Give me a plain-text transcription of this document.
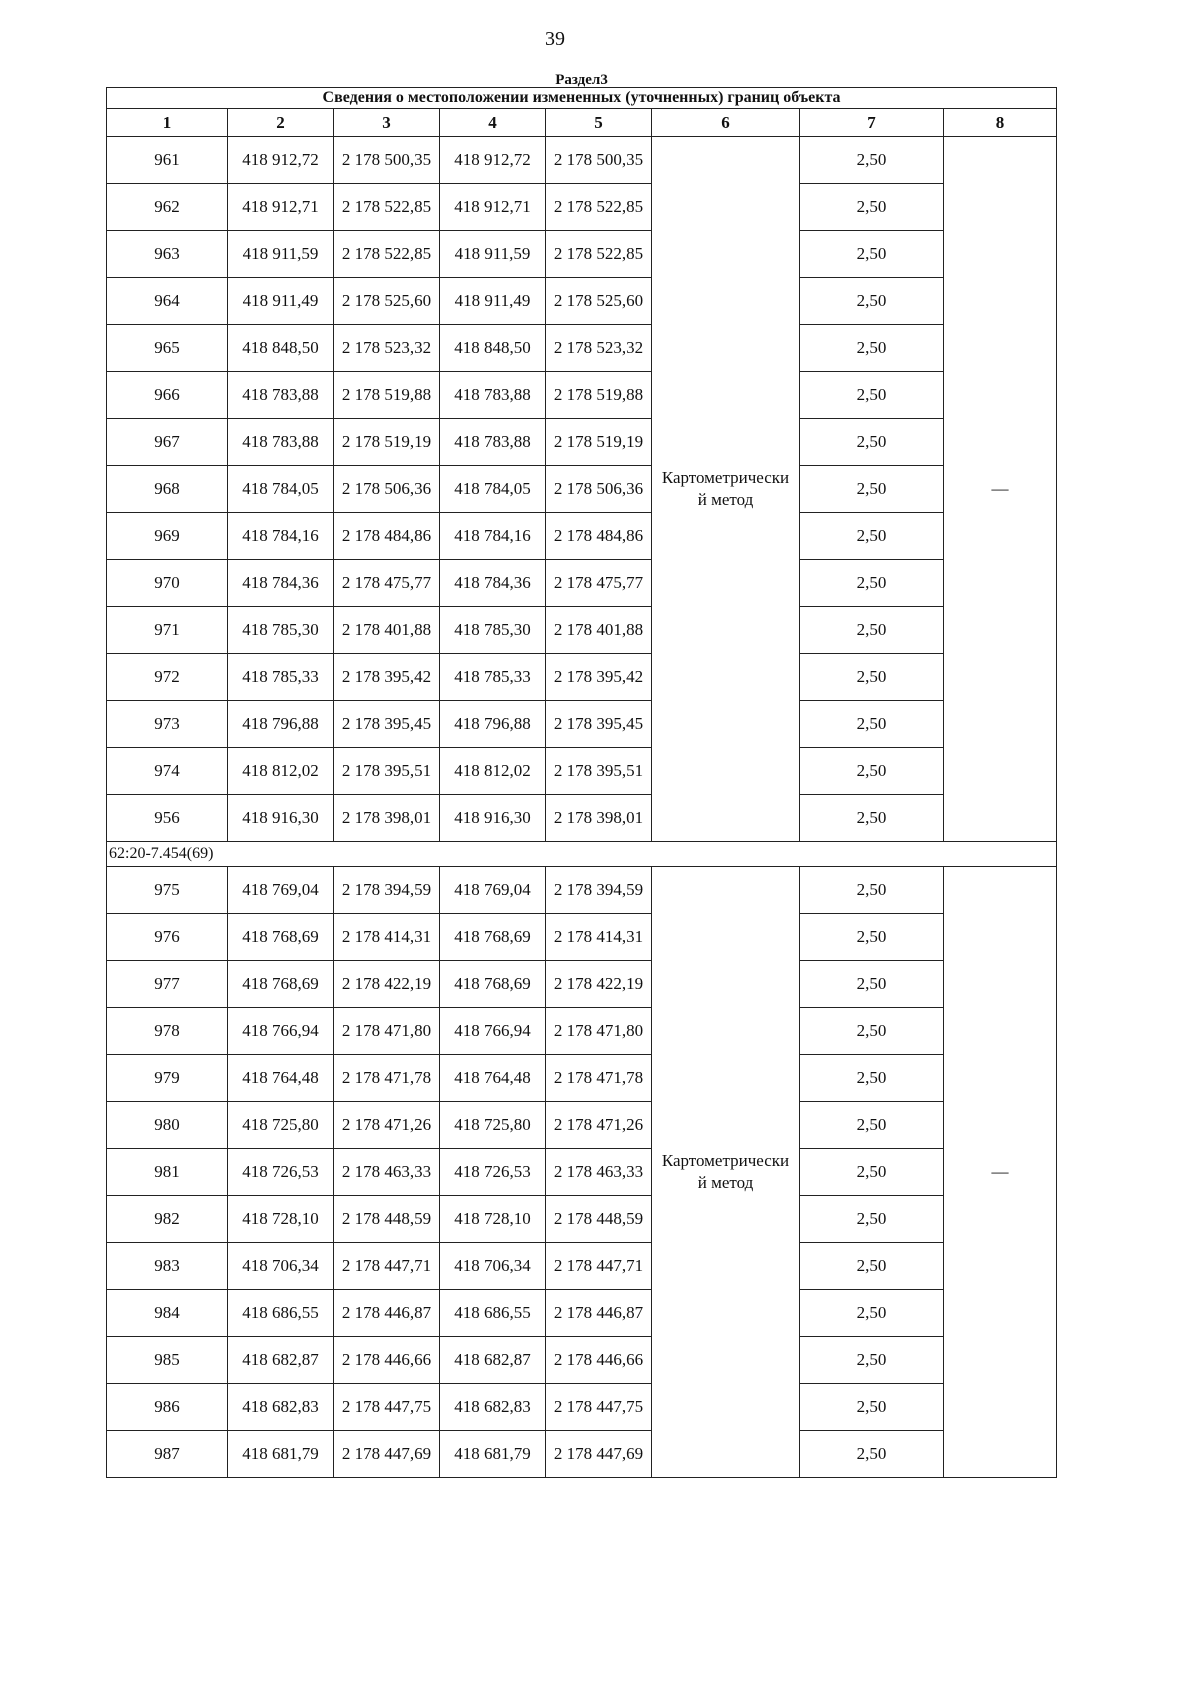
39
Раздел3							
Сведения о местоположении измененных (уточненных) границ объекта							
1	2	3	4	5	6	7	8
961	418 912,72	2 178 500,35	418 912,72	2 178 500,35	Картометрически й метод	2,50	—
962	418 912,71	2 178 522,85	418 912,71	2 178 522,85		2,50	
963	418 911,59	2 178 522,85	418 911,59	2 178 522,85		2,50	
964	418 911,49	2 178 525,60	418 911,49	2 178 525,60		2,50	
965	418 848,50	2 178 523,32	418 848,50	2 178 523,32		2,50	
966	418 783,88	2 178 519,88	418 783,88	2 178 519,88		2,50	
967	418 783,88	2 178 519,19	418 783,88	2 178 519,19		2,50	
968	418 784,05	2 178 506,36	418 784,05	2 178 506,36		2,50	
969	418 784,16	2 178 484,86	418 784,16	2 178 484,86		2,50	
970	418 784,36	2 178 475,77	418 784,36	2 178 475,77		2,50	
971	418 785,30	2 178 401,88	418 785,30	2 178 401,88		2,50	
972	418 785,33	2 178 395,42	418 785,33	2 178 395,42		2,50	
973	418 796,88	2 178 395,45	418 796,88	2 178 395,45		2,50	
974	418 812,02	2 178 395,51	418 812,02	2 178 395,51		2,50	
956	418 916,30	2 178 398,01	418 916,30	2 178 398,01		2,50	
62:20-7.454(69)							
975	418 769,04	2 178 394,59	418 769,04	2 178 394,59	Картометрически й метод	2,50	—
976	418 768,69	2 178 414,31	418 768,69	2 178 414,31		2,50	
977	418 768,69	2 178 422,19	418 768,69	2 178 422,19		2,50	
978	418 766,94	2 178 471,80	418 766,94	2 178 471,80		2,50	
979	418 764,48	2 178 471,78	418 764,48	2 178 471,78		2,50	
980	418 725,80	2 178 471,26	418 725,80	2 178 471,26		2,50	
981	418 726,53	2 178 463,33	418 726,53	2 178 463,33		2,50	
982	418 728,10	2 178 448,59	418 728,10	2 178 448,59		2,50	
983	418 706,34	2 178 447,71	418 706,34	2 178 447,71		2,50	
984	418 686,55	2 178 446,87	418 686,55	2 178 446,87		2,50	
985	418 682,87	2 178 446,66	418 682,87	2 178 446,66		2,50	
986	418 682,83	2 178 447,75	418 682,83	2 178 447,75		2,50	
987	418 681,79	2 178 447,69	418 681,79	2 178 447,69		2,50	
